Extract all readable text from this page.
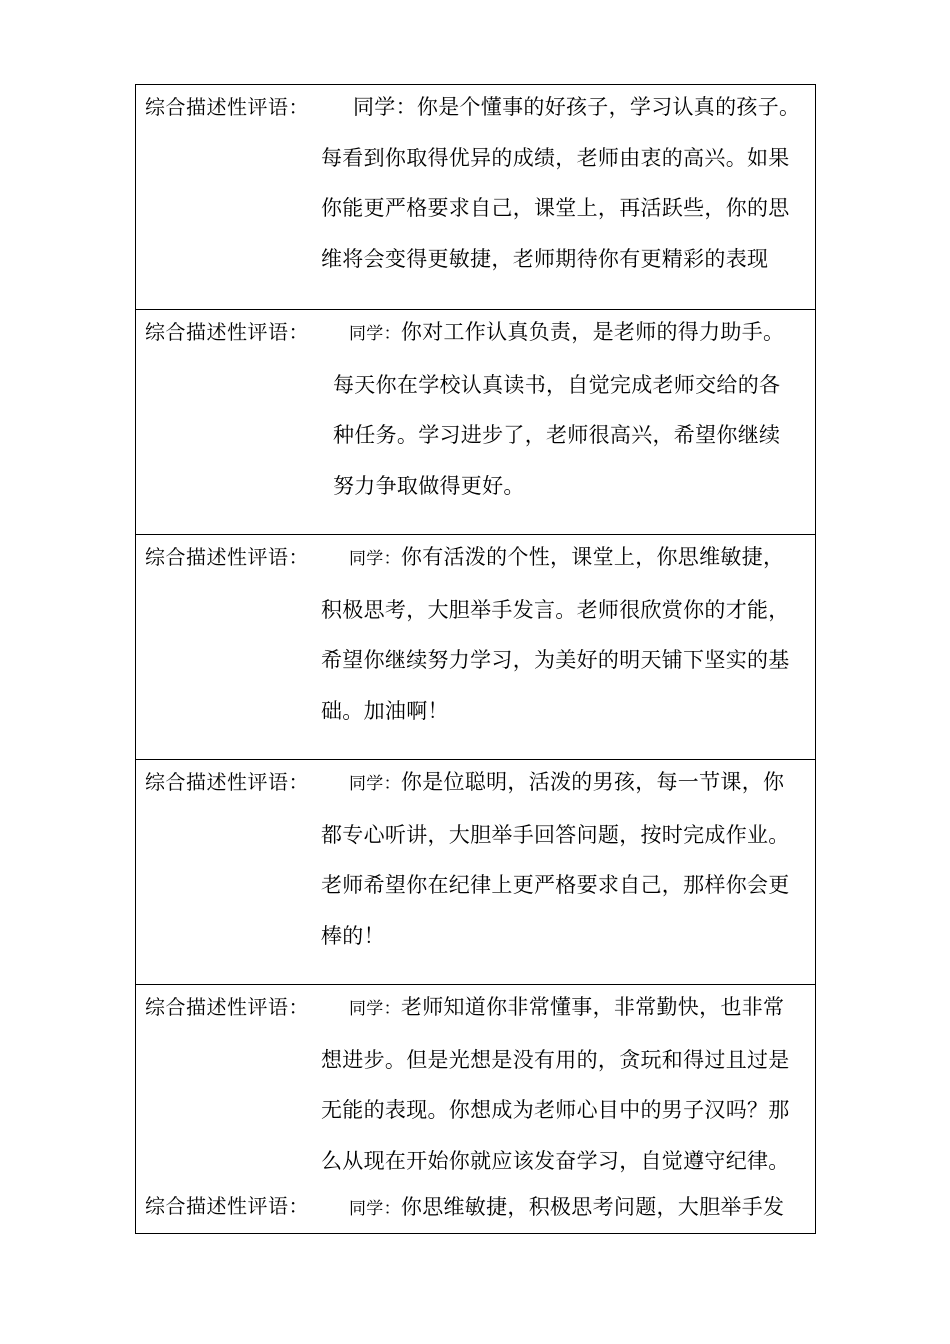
综合描述性评语：	同学：你是个懂事的好孩子，学习认真的孩子。
每看到你取得优异的成绩，老师由衷的高兴。如果
你能更严格要求自己，课堂上，再活跃些，你的思
维将会变得更敏捷，老师期待你有更精彩的表现
综合描述性评语：	同学：你对工作认真负责，是老师的得力助手。
每天你在学校认真读书，自觉完成老师交给的各
种任务。学习进步了，老师很高兴，希望你继续
努力争取做得更好。
综合描述性评语：	同学：你有活泼的个性，课堂上，你思维敏捷，
积极思考，大胆举手发言。老师很欣赏你的才能，
希望你继续努力学习，为美好的明天铺下坚实的基
础。加油啊！
综合描述性评语：	同学：你是位聪明，活泼的男孩，每一节课，你
都专心听讲，大胆举手回答问题，按时完成作业。
老师希望你在纪律上更严格要求自己，那样你会更
棒的！
综合描述性评语：	同学：老师知道你非常懂事，非常勤快，也非常
想进步。但是光想是没有用的，贪玩和得过且过是
无能的表现。你想成为老师心目中的男子汉吗？那
么从现在开始你就应该发奋学习，自觉遵守纪律。
综合描述性评语：	同学：你思维敏捷，积极思考问题，大胆举手发
